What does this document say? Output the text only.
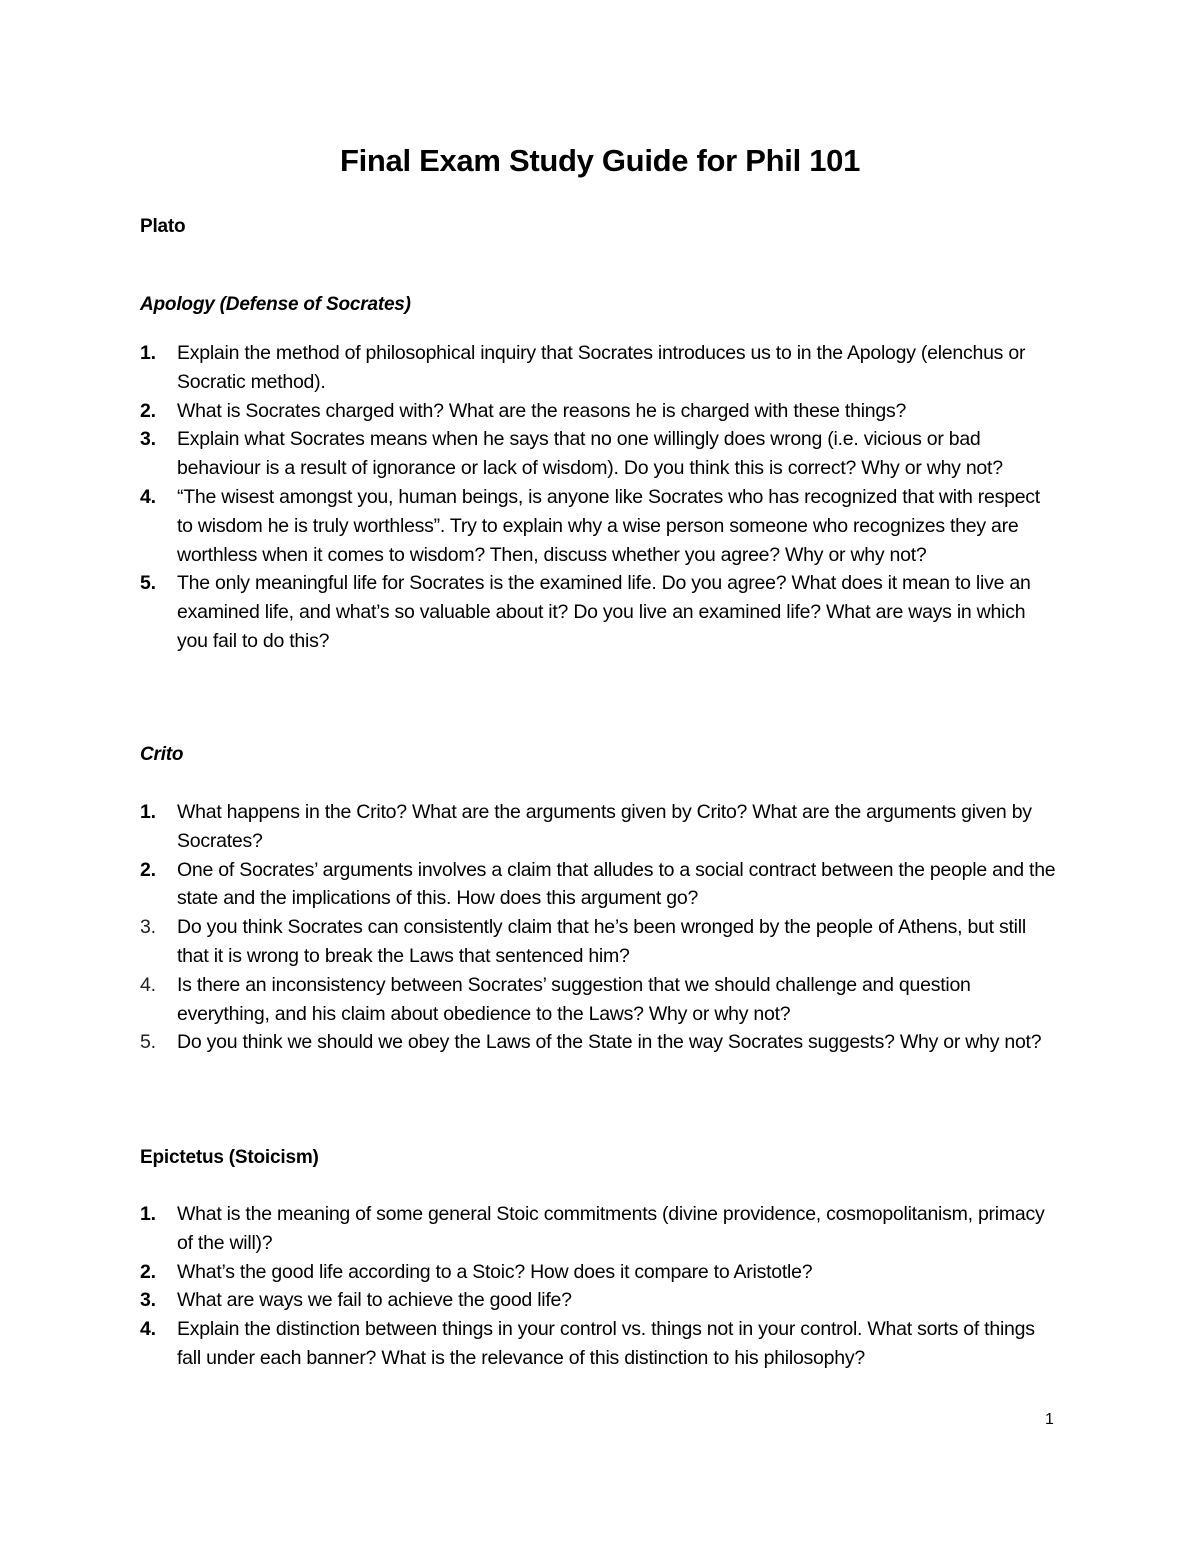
Final Exam Study Guide for Phil 101
Plato
Apology (Defense of Socrates)
1.	Explain the method of philosophical inquiry that Socrates introduces us to in the Apology (elenchus or Socratic method).
2.	What is Socrates charged with? What are the reasons he is charged with these things?
3.	Explain what Socrates means when he says that no one willingly does wrong (i.e. vicious or bad behaviour is a result of ignorance or lack of wisdom). Do you think this is correct? Why or why not?
4.	“The wisest amongst you, human beings, is anyone like Socrates who has recognized that with respect to wisdom he is truly worthless”. Try to explain why a wise person someone who recognizes they are worthless when it comes to wisdom? Then, discuss whether you agree? Why or why not?
5.	The only meaningful life for Socrates is the examined life. Do you agree? What does it mean to live an examined life, and what’s so valuable about it? Do you live an examined life? What are ways in which you fail to do this?
Crito
1.	What happens in the Crito? What are the arguments given by Crito? What are the arguments given by Socrates?
2.	One of Socrates’ arguments involves a claim that alludes to a social contract between the people and the state and the implications of this. How does this argument go?
3.	Do you think Socrates can consistently claim that he’s been wronged by the people of Athens, but still that it is wrong to break the Laws that sentenced him?
4.	Is there an inconsistency between Socrates’ suggestion that we should challenge and question everything, and his claim about obedience to the Laws? Why or why not?
5.	Do you think we should we obey the Laws of the State in the way Socrates suggests? Why or why not?
Epictetus (Stoicism)
1.	What is the meaning of some general Stoic commitments (divine providence, cosmopolitanism, primacy of the will)?
2.	What’s the good life according to a Stoic? How does it compare to Aristotle?
3.	What are ways we fail to achieve the good life?
4.	Explain the distinction between things in your control vs. things not in your control. What sorts of things fall under each banner? What is the relevance of this distinction to his philosophy?
1
